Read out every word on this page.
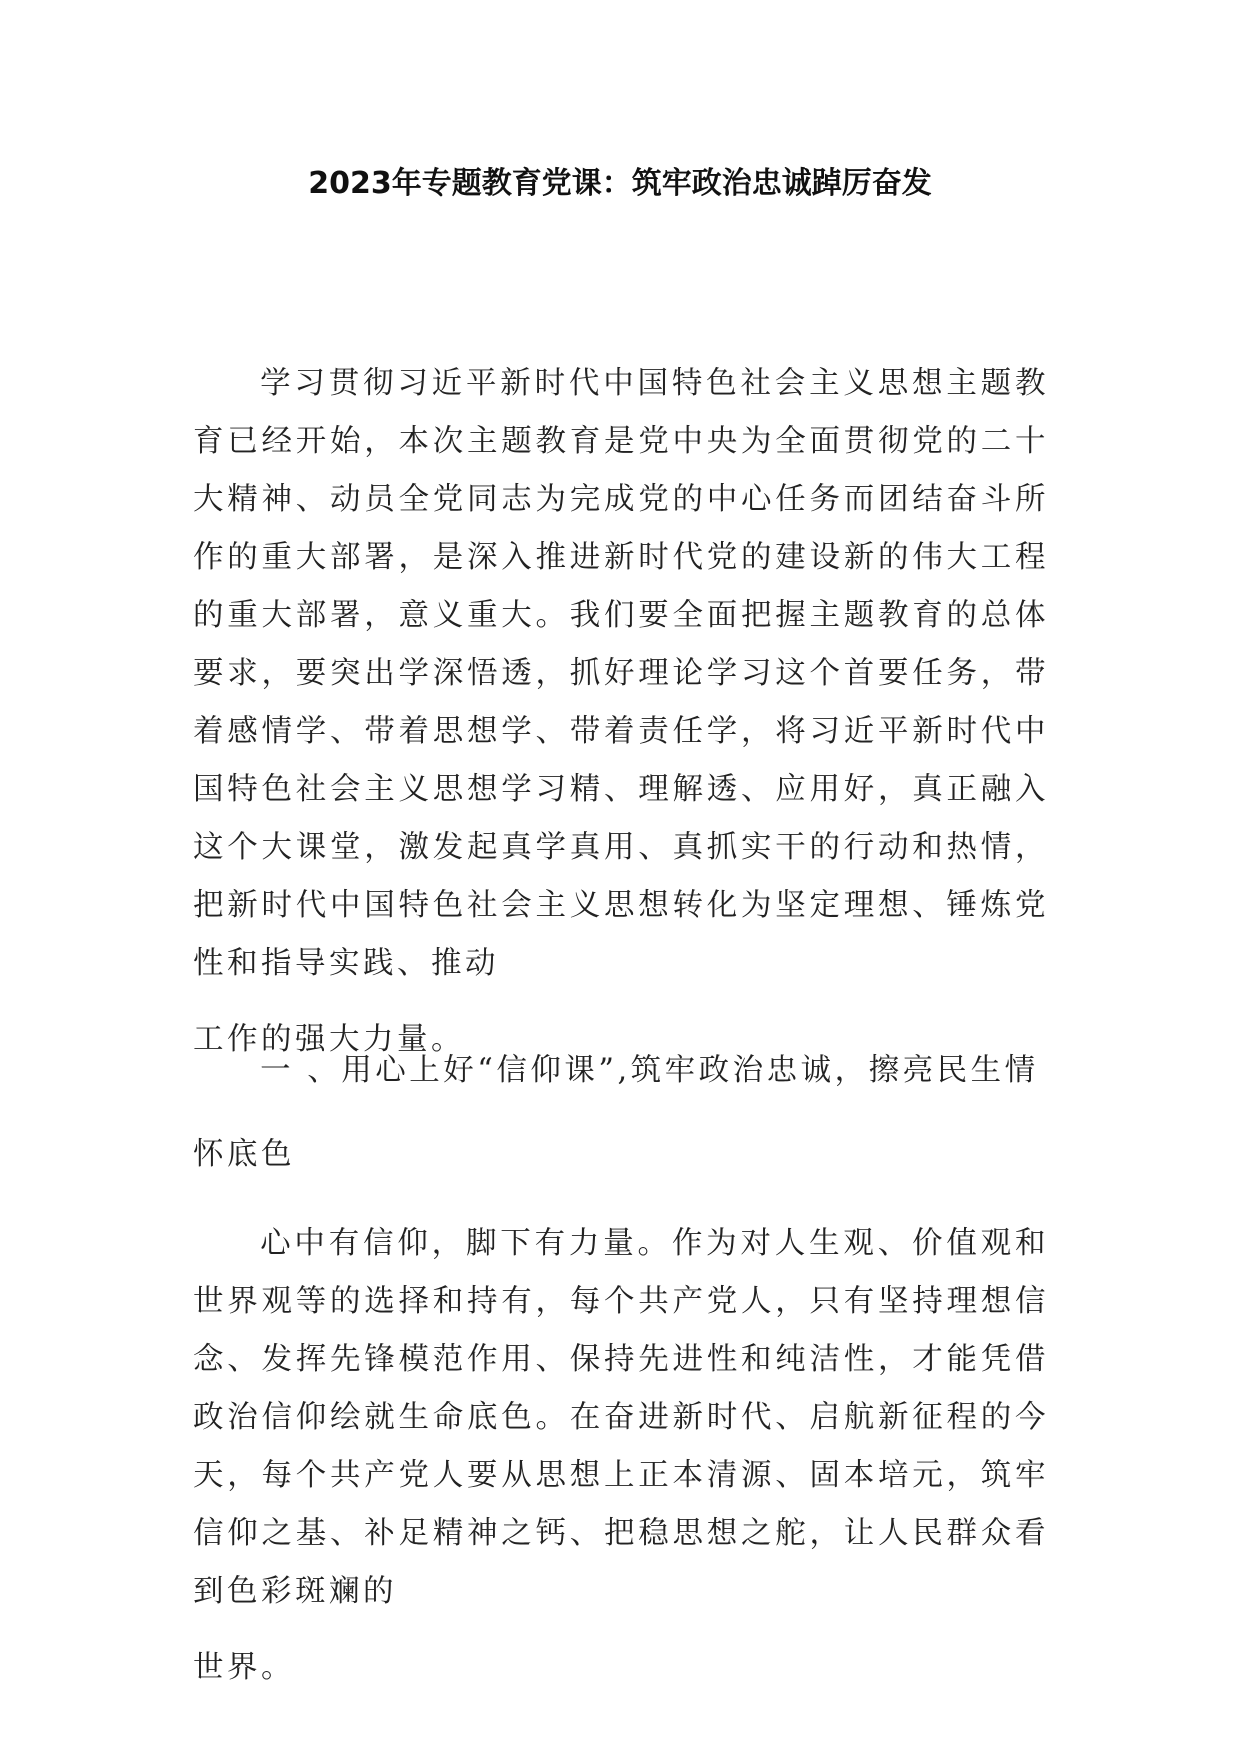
2023年专题教育党课：筑牢政治忠诚踔厉奋发
学习贯彻习近平新时代中国特色社会主义思想主题教育已经开始，本次主题教育是党中央为全面贯彻党的二十大精神、动员全党同志为完成党的中心任务而团结奋斗所作的重大部署，是深入推进新时代党的建设新的伟大工程的重大部署，意义重大。我们要全面把握主题教育的总体要求，要突出学深悟透，抓好理论学习这个首要任务，带着感情学、带着思想学、带着责任学，将习近平新时代中国特色社会主义思想学习精、理解透、应用好，真正融入这个大课堂，激发起真学真用、真抓实干的行动和热情，把新时代中国特色社会主义思想转化为坚定理想、锤炼党性和指导实践、推动
工作的强大力量。
一 、用心上好“信仰课”,筑牢政治忠诚，擦亮民生情
怀底色
心中有信仰，脚下有力量。作为对人生观、价值观和世界观等的选择和持有，每个共产党人，只有坚持理想信念、发挥先锋模范作用、保持先进性和纯洁性，才能凭借政治信仰绘就生命底色。在奋进新时代、启航新征程的今天，每个共产党人要从思想上正本清源、固本培元，筑牢信仰之基、补足精神之钙、把稳思想之舵，让人民群众看到色彩斑斓的
世界。
